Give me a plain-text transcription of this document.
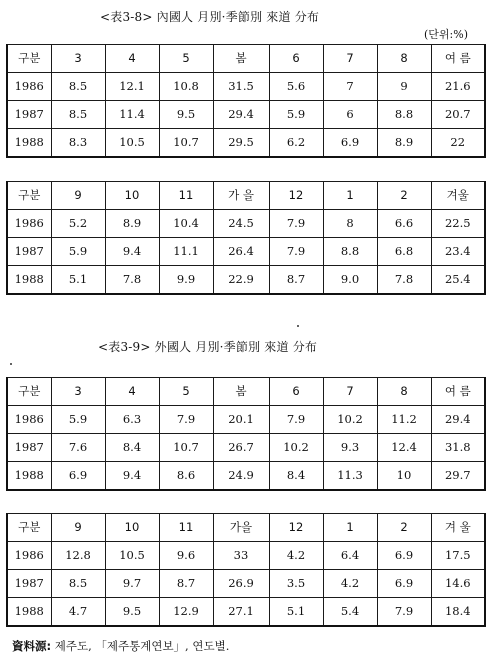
<表3-8> 內國人 月別·季節別 來道 分布
(단위:%)
구분	3	4	5	봄	6	7	8	여 름
1986	8.5	12.1	10.8	31.5	5.6	7	9	21.6
1987	8.5	11.4	9.5	29.4	5.9	6	8.8	20.7
1988	8.3	10.5	10.7	29.5	6.2	6.9	8.9	22
구분	9	10	11	가 을	12	1	2	겨울
1986	5.2	8.9	10.4	24.5	7.9	8	6.6	22.5
1987	5.9	9.4	11.1	26.4	7.9	8.8	6.8	23.4
1988	5.1	7.8	9.9	22.9	8.7	9.0	7.8	25.4
<表3-9> 外國人 月別·季節別 來道 分布
구분	3	4	5	봄	6	7	8	여 름
1986	5.9	6.3	7.9	20.1	7.9	10.2	11.2	29.4
1987	7.6	8.4	10.7	26.7	10.2	9.3	12.4	31.8
1988	6.9	9.4	8.6	24.9	8.4	11.3	10	29.7
구분	9	10	11	가을	12	1	2	겨 울
1986	12.8	10.5	9.6	33	4.2	6.4	6.9	17.5
1987	8.5	9.7	8.7	26.9	3.5	4.2	6.9	14.6
1988	4.7	9.5	12.9	27.1	5.1	5.4	7.9	18.4
資料源: 제주도, 「제주통계연보」, 연도별.
